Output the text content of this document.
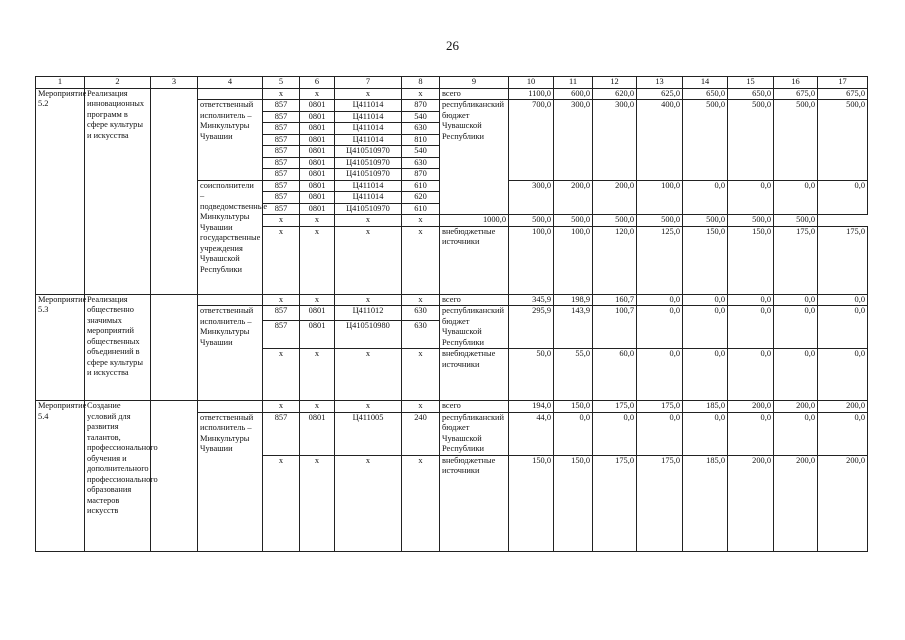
26
1	2	3	4	5	6	7	8	9	10	11	12	13	14	15	16	17
Мероприятие 5.2	Реализация инновационных программ в сфере культуры и искусства			x	x	x	x	всего	1100,0	600,0	620,0	625,0	650,0	650,0	675,0	675,0
			ответственный исполнитель – Минкультуры Чувашии	857	0801	Ц411014	870	республиканский бюджет Чувашской Республики	700,0	300,0	300,0	400,0	500,0	500,0	500,0	500,0
				857	0801	Ц411014	540									
				857	0801	Ц411014	630									
				857	0801	Ц411014	810									
				857	0801	Ц410510970	540									
				857	0801	Ц410510970	630									
				857	0801	Ц410510970	870									
			соисполнители – подведомственные Минкультуры Чувашии государственные учреждения Чувашской Республики	857	0801	Ц411014	610		300,0	200,0	200,0	100,0	0,0	0,0	0,0	0,0
				857	0801	Ц411014	620									
				857	0801	Ц410510970	610									
				x	x	x	x	1000,0	500,0	500,0	500,0	500,0	500,0	500,0	500,0	
				x	x	x	x	внебюджетные источники	100,0	100,0	120,0	125,0	150,0	150,0	175,0	175,0
Мероприятие 5.3	Реализация общественно значимых мероприятий общественных объединений в сфере культуры и искусства			x	x	x	x	всего	345,9	198,9	160,7	0,0	0,0	0,0	0,0	0,0
			ответственный исполнитель – Минкультуры Чувашии	857	0801	Ц411012	630	республиканский бюджет Чувашской Республики	295,9	143,9	100,7	0,0	0,0	0,0	0,0	0,0
				857	0801	Ц410510980	630									
				x	x	x	x	внебюджетные источники	50,0	55,0	60,0	0,0	0,0	0,0	0,0	0,0
Мероприятие 5.4	Создание условий для развития талантов, профессионального обучения и дополнительного профессионального образования мастеров искусств			x	x	x	x	всего	194,0	150,0	175,0	175,0	185,0	200,0	200,0	200,0
			ответственный исполнитель – Минкультуры Чувашии	857	0801	Ц411005	240	республиканский бюджет Чувашской Республики	44,0	0,0	0,0	0,0	0,0	0,0	0,0	0,0
				x	x	x	x	внебюджетные источники	150,0	150,0	175,0	175,0	185,0	200,0	200,0	200,0
